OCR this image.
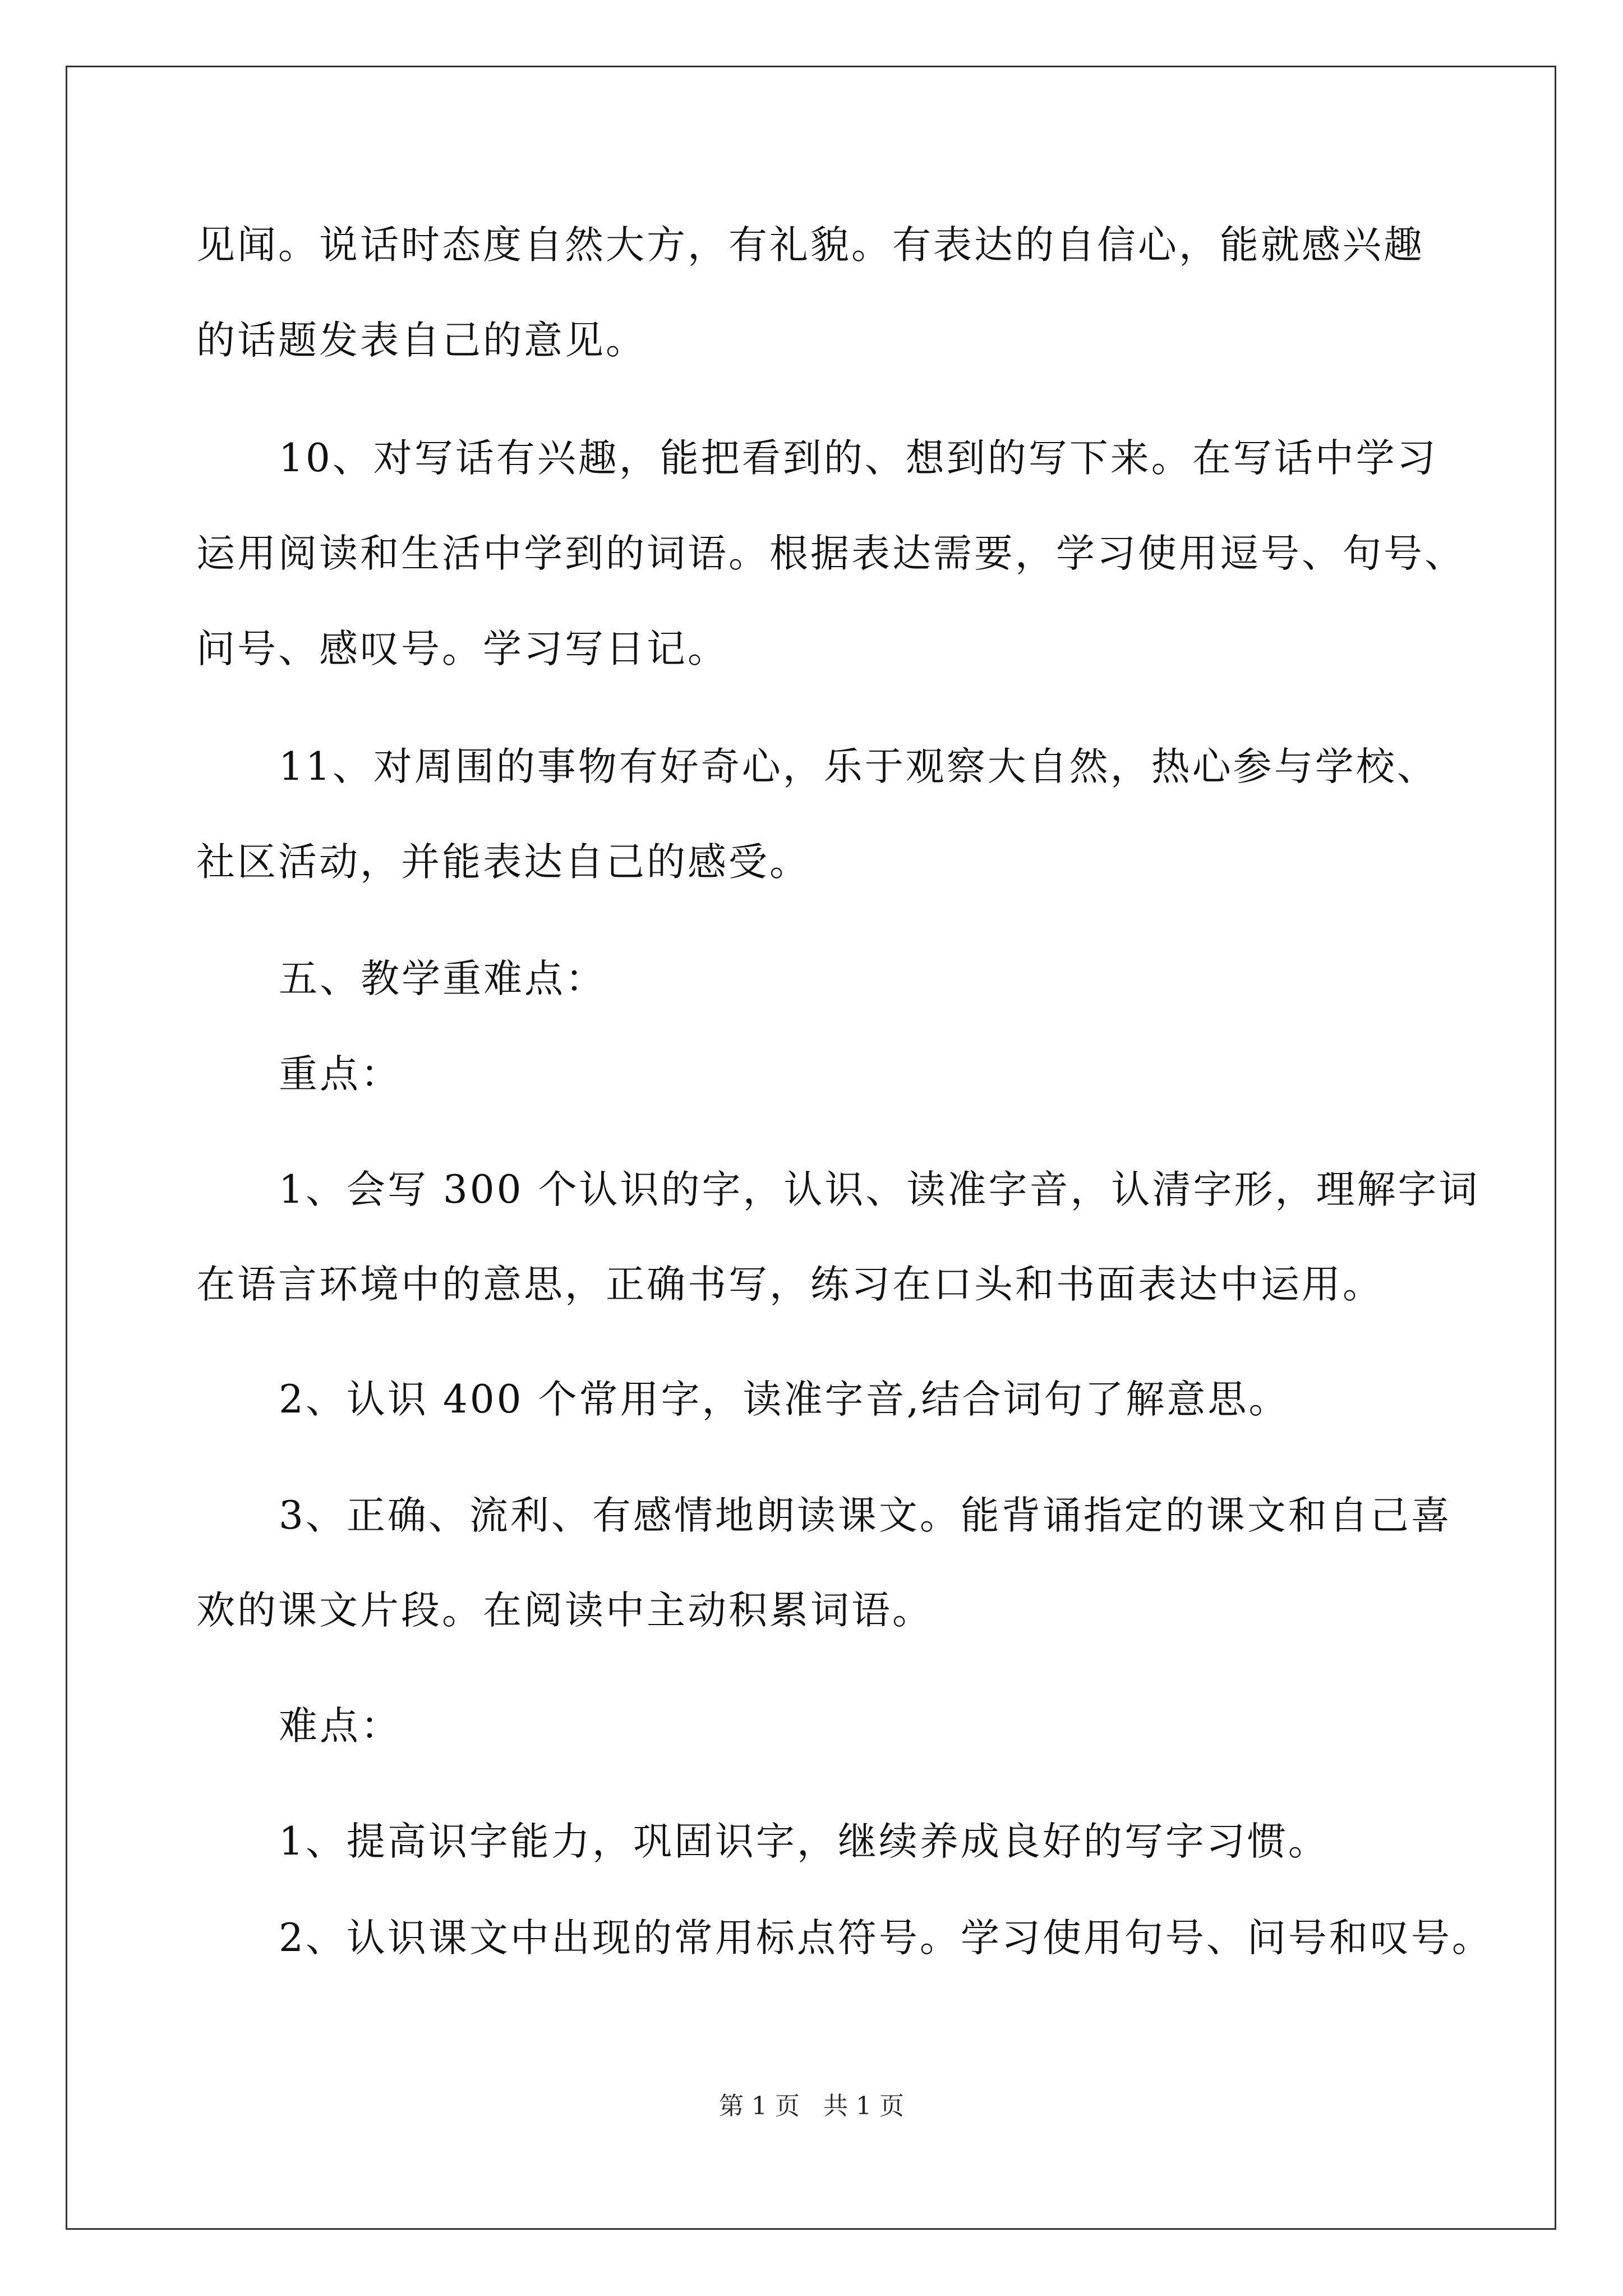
见闻。说话时态度自然大方，有礼貌。有表达的自信心，能就感兴趣
的话题发表自己的意见。
10、对写话有兴趣，能把看到的、想到的写下来。在写话中学习
运用阅读和生活中学到的词语。根据表达需要，学习使用逗号、句号、
问号、感叹号。学习写日记。
11、对周围的事物有好奇心，乐于观察大自然，热心参与学校、
社区活动，并能表达自己的感受。
五、教学重难点：
重点：
1、会写 300 个认识的字，认识、读准字音，认清字形，理解字词
在语言环境中的意思，正确书写，练习在口头和书面表达中运用。
2、认识 400 个常用字，读准字音,结合词句了解意思。
3、正确、流利、有感情地朗读课文。能背诵指定的课文和自己喜
欢的课文片段。在阅读中主动积累词语。
难点：
1、提高识字能力，巩固识字，继续养成良好的写字习惯。
2、认识课文中出现的常用标点符号。学习使用句号、问号和叹号。
第 1 页 共 1 页
